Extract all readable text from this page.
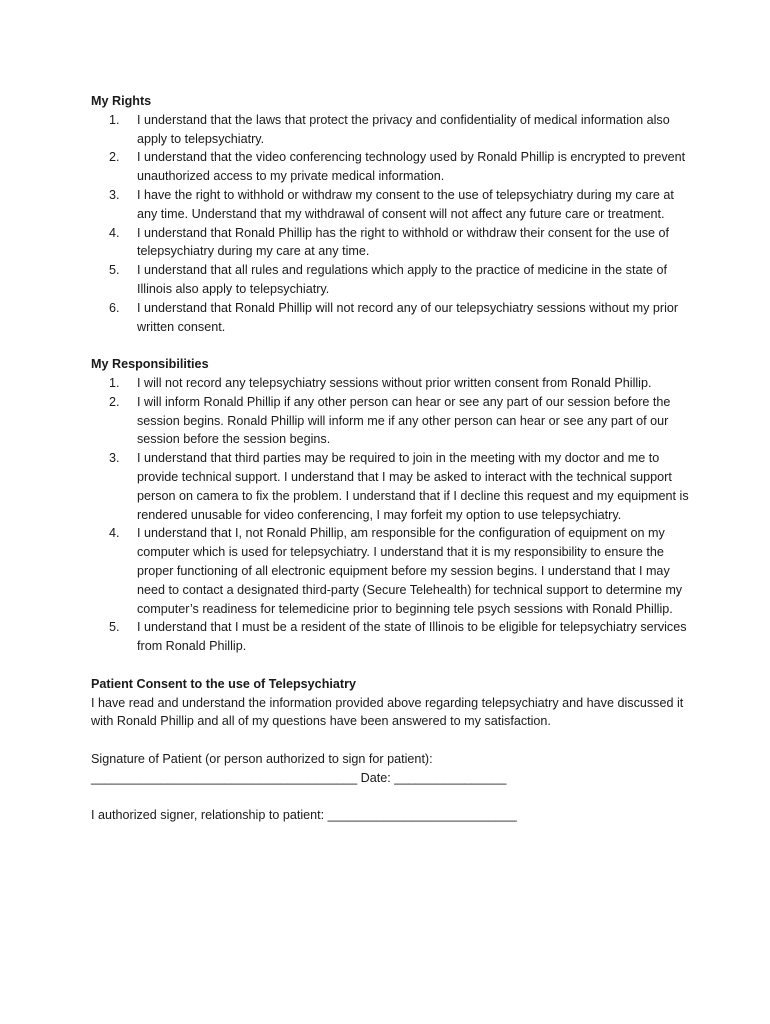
My Rights

1.	I understand that the laws that protect the privacy and confidentiality of medical information also apply to telepsychiatry.
2.	I understand that the video conferencing technology used by Ronald Phillip is encrypted to prevent unauthorized access to my private medical information.
3.	I have the right to withhold or withdraw my consent to the use of telepsychiatry during my care at any time. Understand that my withdrawal of consent will not affect any future care or treatment.
4.	I understand that Ronald Phillip has the right to withhold or withdraw their consent for the use of telepsychiatry during my care at any time.
5.	I understand that all rules and regulations which apply to the practice of medicine in the state of Illinois also apply to telepsychiatry.
6.	I understand that Ronald Phillip will not record any of our telepsychiatry sessions without my prior written consent.

My Responsibilities

1.	I will not record any telepsychiatry sessions without prior written consent from Ronald Phillip.
2.	I will inform Ronald Phillip if any other person can hear or see any part of our session before the session begins. Ronald Phillip will inform me if any other person can hear or see any part of our session before the session begins.
3.	I understand that third parties may be required to join in the meeting with my doctor and me to provide technical support. I understand that I may be asked to interact with the technical support person on camera to fix the problem. I understand that if I decline this request and my equipment is rendered unusable for video conferencing, I may forfeit my option to use telepsychiatry.
4.	I understand that I, not Ronald Phillip, am responsible for the configuration of equipment on my computer which is used for telepsychiatry. I understand that it is my responsibility to ensure the proper functioning of all electronic equipment before my session begins. I understand that I may need to contact a designated third-party (Secure Telehealth) for technical support to determine my computer’s readiness for telemedicine prior to beginning tele psych sessions with Ronald Phillip.
5.	I understand that I must be a resident of the state of Illinois to be eligible for telepsychiatry services from Ronald Phillip.

Patient Consent to the use of Telepsychiatry

I have read and understand the information provided above regarding telepsychiatry and have discussed it with Ronald Phillip and all of my questions have been answered to my satisfaction.

Signature of Patient (or person authorized to sign for patient):

______________________________________ Date: ________________

I authorized signer, relationship to patient: ___________________________
